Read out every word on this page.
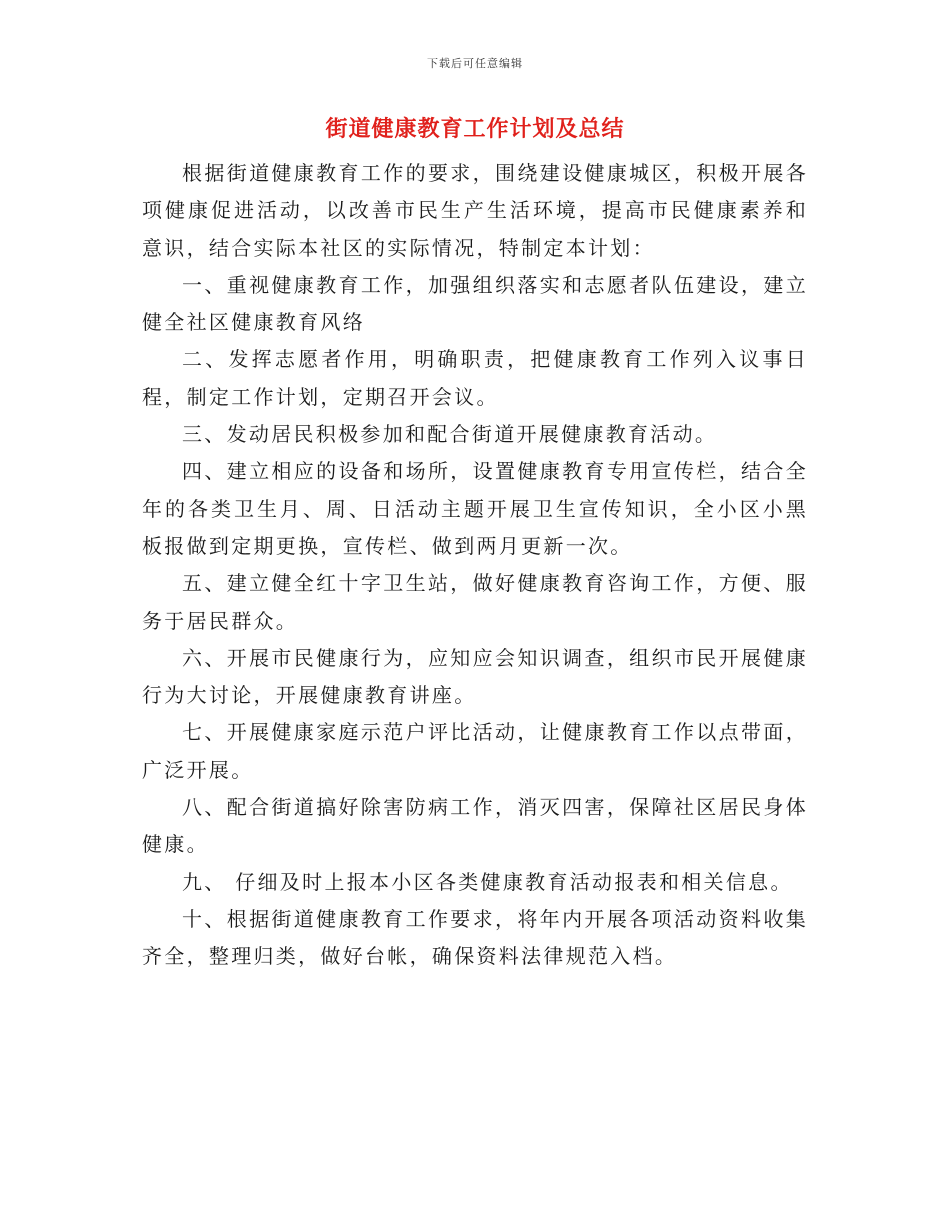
下载后可任意编辑
街道健康教育工作计划及总结

根据街道健康教育工作的要求，围绕建设健康城区，积极开展各项健康促进活动，以改善市民生产生活环境，提高市民健康素养和意识，结合实际本社区的实际情况，特制定本计划：

一、重视健康教育工作，加强组织落实和志愿者队伍建设，建立健全社区健康教育风络

二、发挥志愿者作用，明确职责，把健康教育工作列入议事日程，制定工作计划，定期召开会议。

三、发动居民积极参加和配合街道开展健康教育活动。

四、建立相应的设备和场所，设置健康教育专用宣传栏，结合全年的各类卫生月、周、日活动主题开展卫生宣传知识，全小区小黑板报做到定期更换，宣传栏、做到两月更新一次。

五、建立健全红十字卫生站，做好健康教育咨询工作，方便、服务于居民群众。

六、开展市民健康行为，应知应会知识调查，组织市民开展健康行为大讨论，开展健康教育讲座。

七、开展健康家庭示范户评比活动，让健康教育工作以点带面，广泛开展。

八、配合街道搞好除害防病工作，消灭四害，保障社区居民身体健康。

九、 仔细及时上报本小区各类健康教育活动报表和相关信息。

十、根据街道健康教育工作要求，将年内开展各项活动资料收集齐全，整理归类，做好台帐，确保资料法律规范入档。
